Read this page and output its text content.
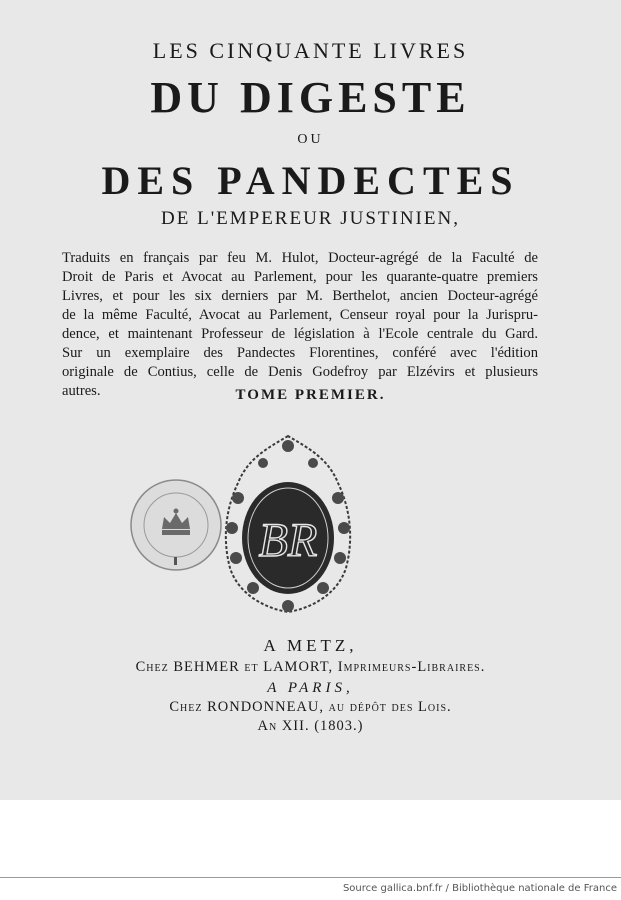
LES CINQUANTE LIVRES
DU DIGESTE
OU
DES PANDECTES
DE L'EMPEREUR JUSTINIEN,
Traduits en français par feu M. Hulot, Docteur-agrégé de la Faculté de
Droit de Paris et Avocat au Parlement, pour les quarante-quatre premiers
Livres, et pour les six derniers par M. Berthelot, ancien Docteur-agrégé
de la même Faculté, Avocat au Parlement, Censeur royal pour la Jurispru-
dence, et maintenant Professeur de législation à l'Ecole centrale du Gard.
Sur un exemplaire des Pandectes Florentines, conféré avec l'édition
originale de Contius, celle de Denis Godefroy par Elzévirs et plusieurs
autres.	TOME PREMIER.
BR
A METZ,
Chez BEHMER et LAMORT, Imprimeurs-Libraires.
A PARIS,
Chez RONDONNEAU, au dépôt des Lois.
An XII. (1803.)
Source gallica.bnf.fr / Bibliothèque nationale de France
